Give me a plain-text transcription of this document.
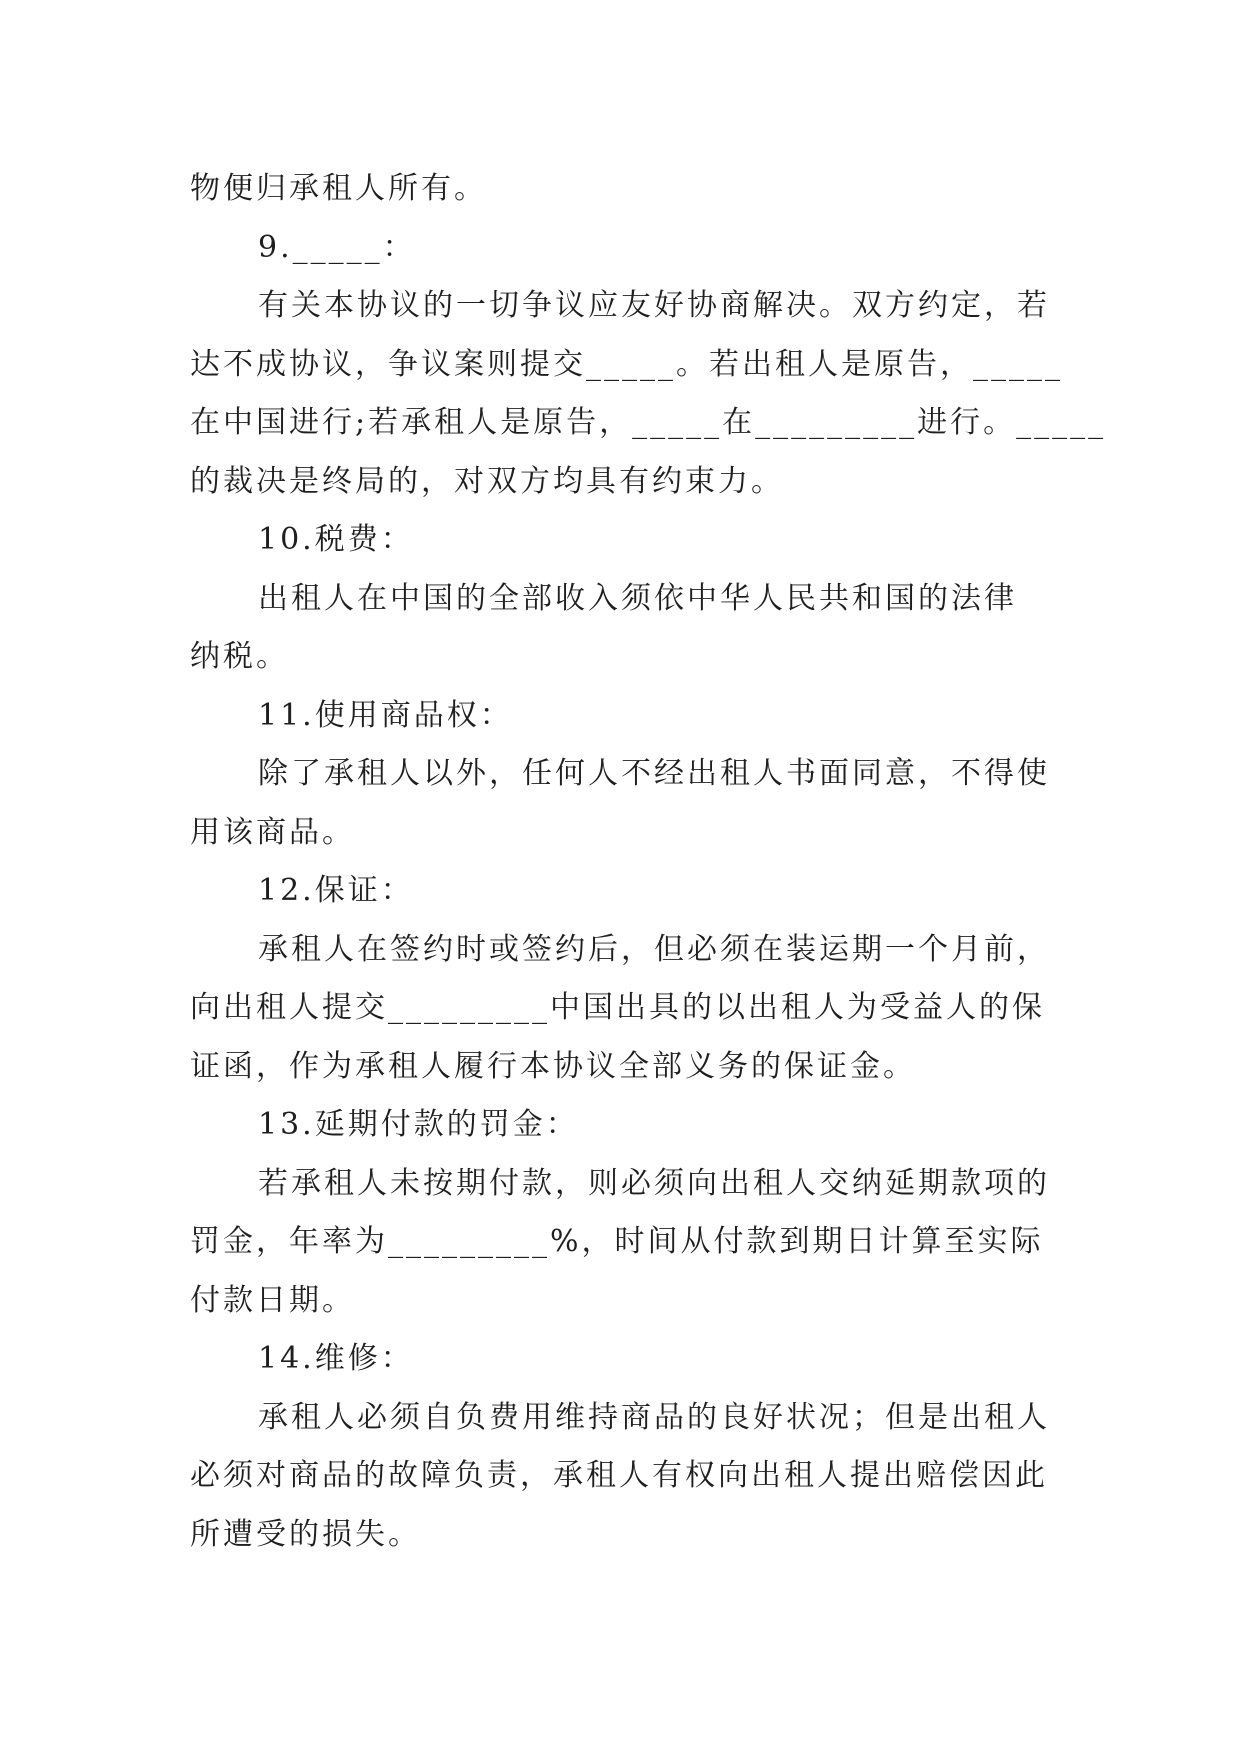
物便归承租人所有。
9._____：
有关本协议的一切争议应友好协商解决。双方约定，若
达不成协议，争议案则提交_____。若出租人是原告，_____
在中国进行;若承租人是原告，_____在_________进行。_____
的裁决是终局的，对双方均具有约束力。
10.税费：
出租人在中国的全部收入须依中华人民共和国的法律
纳税。
11.使用商品权：
除了承租人以外，任何人不经出租人书面同意，不得使
用该商品。
12.保证：
承租人在签约时或签约后，但必须在装运期一个月前，
向出租人提交_________中国出具的以出租人为受益人的保
证函，作为承租人履行本协议全部义务的保证金。
13.延期付款的罚金：
若承租人未按期付款，则必须向出租人交纳延期款项的
罚金，年率为_________%，时间从付款到期日计算至实际
付款日期。
14.维修：
承租人必须自负费用维持商品的良好状况；但是出租人
必须对商品的故障负责，承租人有权向出租人提出赔偿因此
所遭受的损失。
